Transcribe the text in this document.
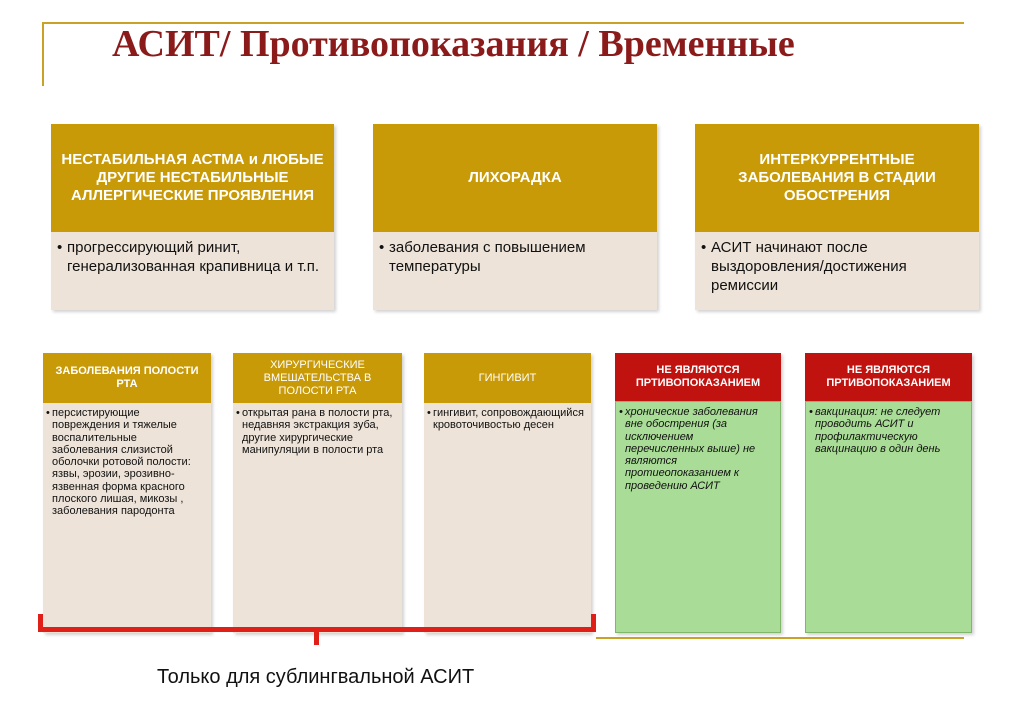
АСИТ/ Противопоказания / Временные
НЕСТАБИЛЬНАЯ АСТМА и ЛЮБЫЕ ДРУГИЕ НЕСТАБИЛЬНЫЕ АЛЛЕРГИЧЕСКИЕ ПРОЯВЛЕНИЯ
• прогрессирующий ринит, генерализованная крапивница и т.п.
ЛИХОРАДКА
• заболевания с повышением температуры
ИНТЕРКУРРЕНТНЫЕ ЗАБОЛЕВАНИЯ В СТАДИИ ОБОСТРЕНИЯ
• АСИТ начинают после выздоровления/достижения ремиссии
ЗАБОЛЕВАНИЯ ПОЛОСТИ РТА
• персистирующие повреждения и тяжелые воспалительные заболевания слизистой оболочки ротовой полости: язвы, эрозии, эрозивно-язвенная форма красного плоского лишая, микозы , заболевания пародонта
ХИРУРГИЧЕСКИЕ ВМЕШАТЕЛЬСТВА В ПОЛОСТИ РТА
• открытая рана в полости рта, недавняя экстракция зуба, другие хирургические манипуляции в полости рта
ГИНГИВИТ
• гингивит, сопровождающийся кровоточивостью десен
НЕ ЯВЛЯЮТСЯ ПРТИВОПОКАЗАНИЕМ
• хронические заболевания вне обострения (за исключением перечисленных выше) не являются протиеопоказанием к проведению АСИТ
НЕ ЯВЛЯЮТСЯ ПРТИВОПОКАЗАНИЕМ
• вакцинация: не следует проводить АСИТ и профилактическую вакцинацию в один день
Только для сублингвальной АСИТ
